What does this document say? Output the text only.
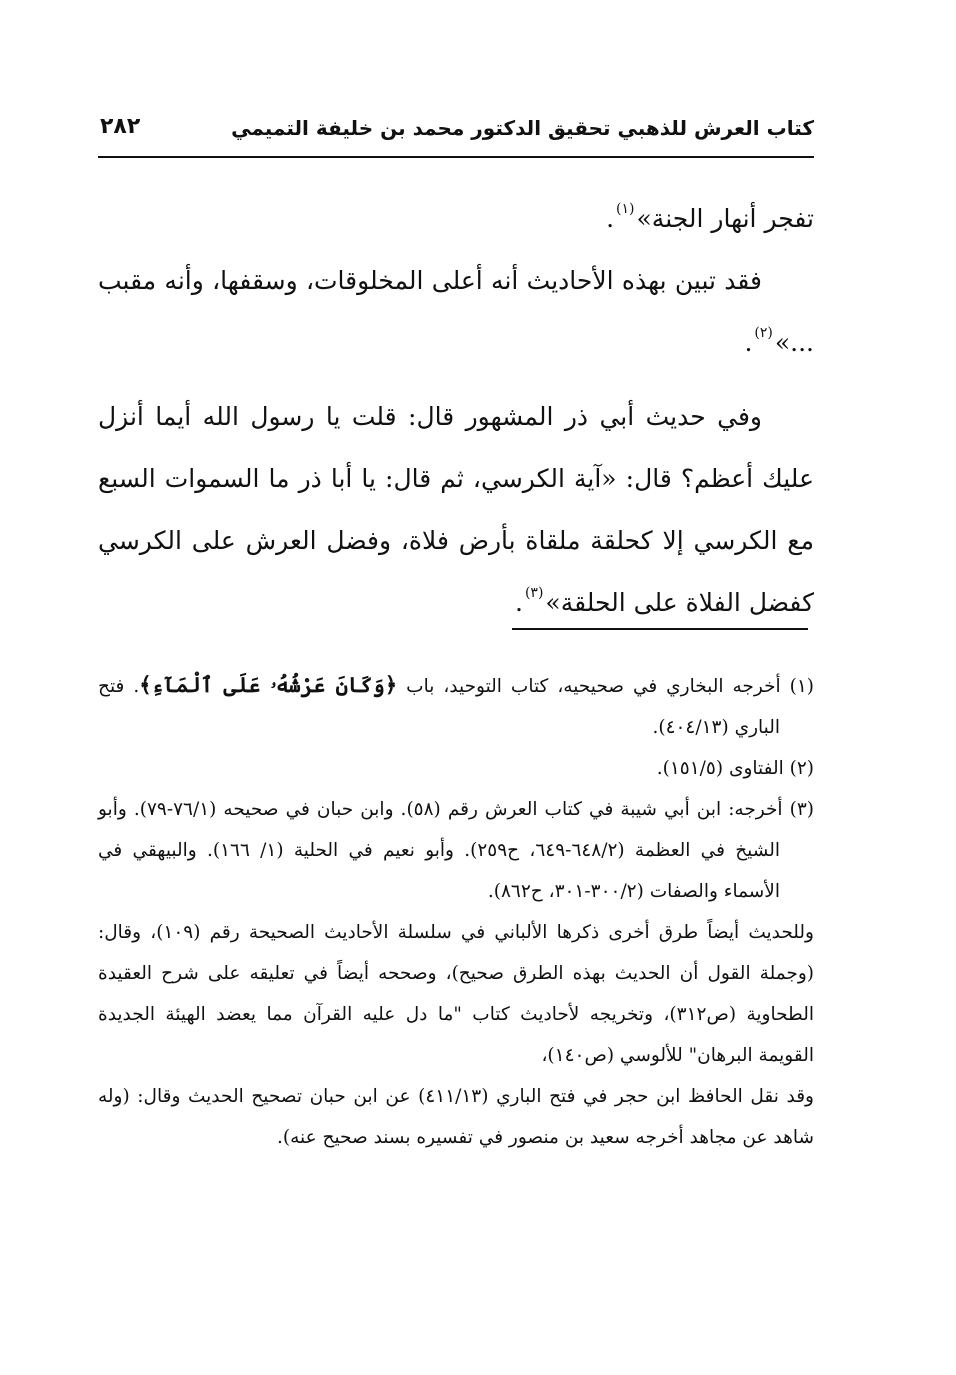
كتاب العرش للذهبي تحقيق الدكتور محمد بن خليفة التميمي
٢٨٢

تفجر أنهار الجنة»$^{(١)}$.

فقد تبين بهذه الأحاديث أنه أعلى المخلوقات، وسقفها، وأنه مقبب ...»$^{(٢)}$.

وفي حديث أبي ذر المشهور قال: قلت يا رسول الله أيما أنزل عليك أعظم؟ قال: «آية الكرسي، ثم قال: يا أبا ذر ما السموات السبع مع الكرسي إلا كحلقة ملقاة بأرض فلاة، وفضل العرش على الكرسي كفضل الفلاة على الحلقة»$^{(٣)}$.

(١) أخرجه البخاري في صحيحيه، كتاب التوحيد، باب ﴿وَكَانَ عَرْشُهُۥ عَلَى ٱلْمَآءِ﴾. فتح الباري (٤٠٤/١٣).

(٢) الفتاوى (١٥١/٥).

(٣) أخرجه: ابن أبي شيبة في كتاب العرش رقم (٥٨). وابن حبان في صحيحه (٧٦/١-٧٩). وأبو الشيخ في العظمة (٦٤٨/٢-٦٤٩، ح٢٥٩). وأبو نعيم في الحلية (١/ ١٦٦). والبيهقي في الأسماء والصفات (٣٠٠/٢-٣٠١، ح٨٦٢).

وللحديث أيضاً طرق أخرى ذكرها الألباني في سلسلة الأحاديث الصحيحة رقم (١٠٩)، وقال: (وجملة القول أن الحديث بهذه الطرق صحيح)، وصححه أيضاً في تعليقه على شرح العقيدة الطحاوية (ص٣١٢)، وتخريجه لأحاديث كتاب "ما دل عليه القرآن مما يعضد الهيئة الجديدة القويمة البرهان" للألوسي (ص١٤٠)،

وقد نقل الحافظ ابن حجر في فتح الباري (٤١١/١٣) عن ابن حبان تصحيح الحديث وقال: (وله شاهد عن مجاهد أخرجه سعيد بن منصور في تفسيره بسند صحيح عنه).
